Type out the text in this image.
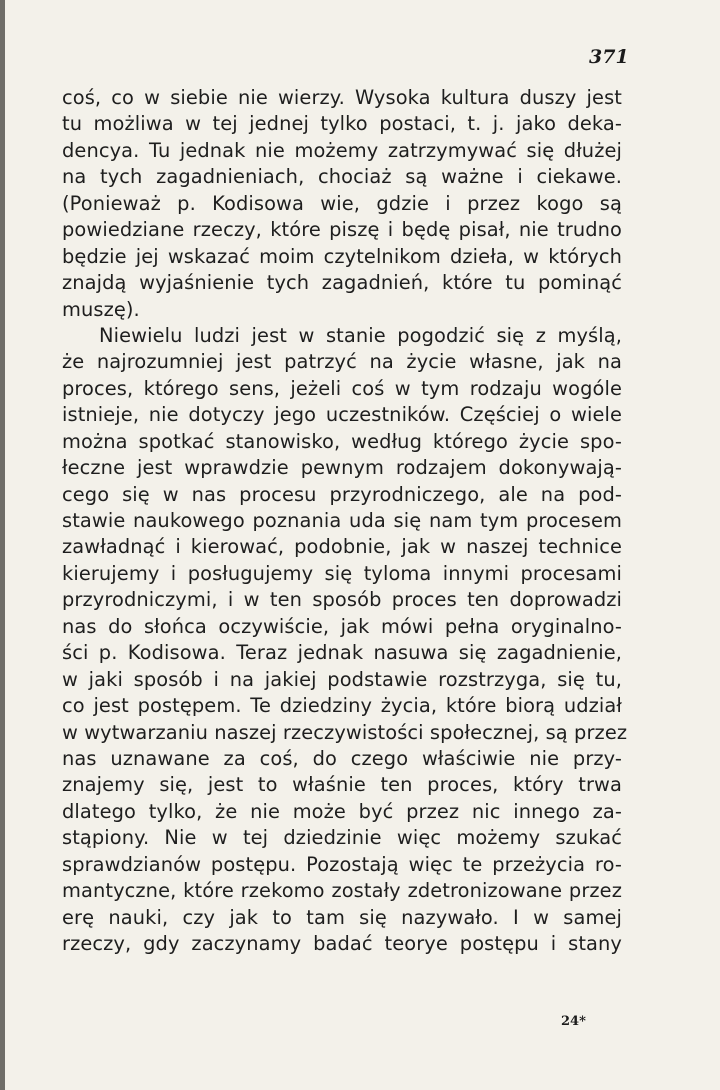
371
coś, co w siebie nie wierzy. Wysoka kultura duszy jest
tu możliwa w tej jednej tylko postaci, t. j. jako deka-
dencya. Tu jednak nie możemy zatrzymywać się dłużej
na tych zagadnieniach, chociaż są ważne i ciekawe.
(Ponieważ p. Kodisowa wie, gdzie i przez kogo są
powiedziane rzeczy, które piszę i będę pisał, nie trudno
będzie jej wskazać moim czytelnikom dzieła, w których
znajdą wyjaśnienie tych zagadnień, które tu pominąć
muszę).
Niewielu ludzi jest w stanie pogodzić się z myślą,
że najrozumniej jest patrzyć na życie własne, jak na
proces, którego sens, jeżeli coś w tym rodzaju wogóle
istnieje, nie dotyczy jego uczestników. Częściej o wiele
można spotkać stanowisko, według którego życie spo-
łeczne jest wprawdzie pewnym rodzajem dokonywają-
cego się w nas procesu przyrodniczego, ale na pod-
stawie naukowego poznania uda się nam tym procesem
zawładnąć i kierować, podobnie, jak w naszej technice
kierujemy i posługujemy się tyloma innymi procesami
przyrodniczymi, i w ten sposób proces ten doprowadzi
nas do słońca oczywiście, jak mówi pełna oryginalno-
ści p. Kodisowa. Teraz jednak nasuwa się zagadnienie,
w jaki sposób i na jakiej podstawie rozstrzyga, się tu,
co jest postępem. Te dziedziny życia, które biorą udział
w wytwarzaniu naszej rzeczywistości społecznej, są przez
nas uznawane za coś, do czego właściwie nie przy-
znajemy się, jest to właśnie ten proces, który trwa
dlatego tylko, że nie może być przez nic innego za-
stąpiony. Nie w tej dziedzinie więc możemy szukać
sprawdzianów postępu. Pozostają więc te przeżycia ro-
mantyczne, które rzekomo zostały zdetronizowane przez
erę nauki, czy jak to tam się nazywało. I w samej
rzeczy, gdy zaczynamy badać teorye postępu i stany
24*
